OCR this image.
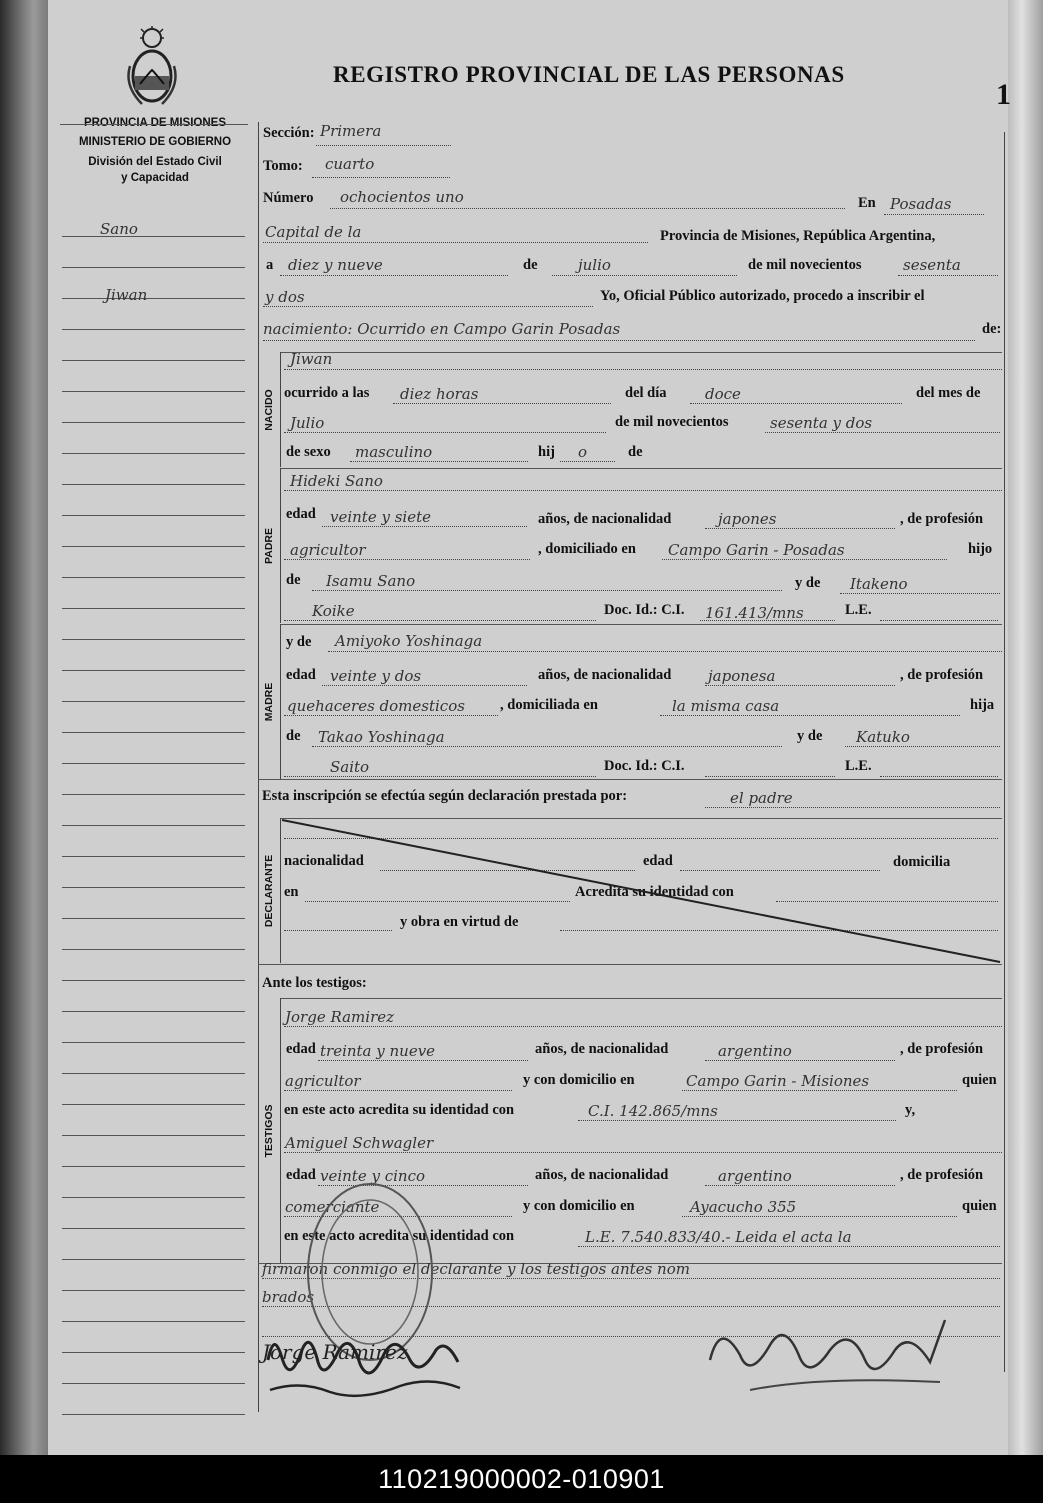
REGISTRO PROVINCIAL DE LAS PERSONAS
1
PROVINCIA DE MISIONES
MINISTERIO DE GOBIERNO
División del Estado Civil
y Capacidad
Sano
Jiwan
Sección: Primera
Tomo: cuarto
Número ochocientos uno	En Posadas
Capital de la	Provincia de Misiones, República Argentina,
a diez y nueve	de	julio	de mil novecientos	sesenta
y dos	Yo, Oficial Público autorizado, procedo a inscribir el
nacimiento: Ocurrido en Campo Garin Posadas	de:
NACIDO
Jiwan
ocurrido a las diez horas	del día	doce	del mes de
Julio	de mil novecientos	sesenta y dos
de sexo masculino	hij o	de
PADRE
Hideki Sano
edad veinte y siete	años, de nacionalidad	japones	, de profesión
agricultor	, domiciliado en Campo Garin - Posadas	hijo
de Isamu Sano	y de Itakeno
Koike	Doc. Id.: C.I. 161.413/mns	L.E.
MADRE
y de Amiyoko Yoshinaga
edad veinte y dos	años, de nacionalidad japonesa	, de profesión
quehaceres domesticos , domiciliada en	la misma casa	hija
de Takao Yoshinaga	y de Katuko
Saito	Doc. Id.: C.I.	L.E.
Esta inscripción se efectúa según declaración prestada por:	el padre
DECLARANTE nacionalidad	edad	domicilia
en	Acredita su identidad con
y obra en virtud de
Ante los testigos:
TESTIGOS
Jorge Ramirez
edad treinta y nueve	años, de nacionalidad	argentino	, de profesión
agricultor	y con domicilio en	Campo Garin - Misiones	quien
en este acto acredita su identidad con	C.I. 142.865/mns	y,
Amiguel Schwagler
edad veinte y cinco	años, de nacionalidad	argentino	, de profesión
comerciante	y con domicilio en	Ayacucho 355	quien
en este acto acredita su identidad con	L.E. 7.540.833/40.- Leida el acta la
firmaron conmigo el declarante y los testigos antes nom
brados
Jorge Ramirez
110219000002-010901
